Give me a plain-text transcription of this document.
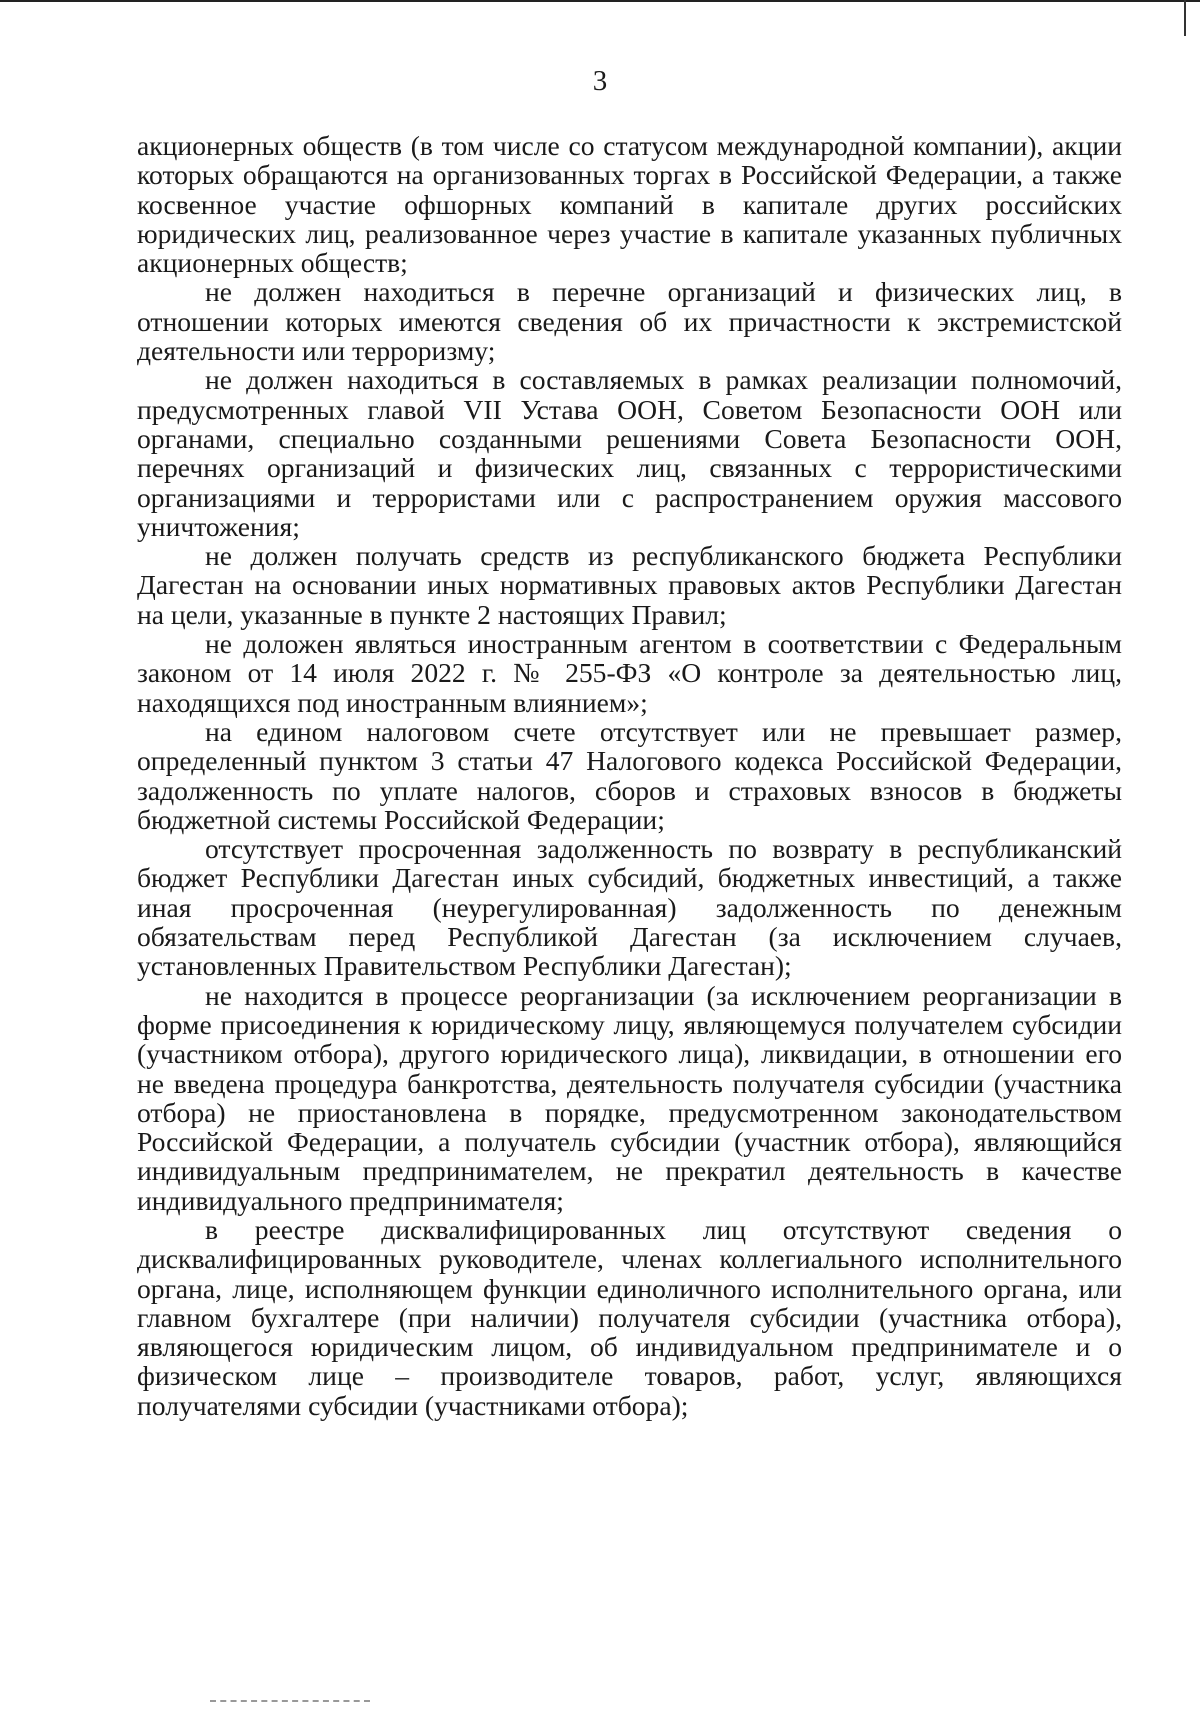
3

акционерных обществ (в том числе со статусом международной компании), акции которых обращаются на организованных торгах в Российской Федерации, а также косвенное участие офшорных компаний в капитале других российских юридических лиц, реализованное через участие в капитале указанных публичных акционерных обществ;

не должен находиться в перечне организаций и физических лиц, в отношении которых имеются сведения об их причастности к экстремистской деятельности или терроризму;

не должен находиться в составляемых в рамках реализации полномочий, предусмотренных главой VII Устава ООН, Советом Безопасности ООН или органами, специально созданными решениями Совета Безопасности ООН, перечнях организаций и физических лиц, связанных с террористическими организациями и террористами или с распространением оружия массового уничтожения;

не должен получать средств из республиканского бюджета Республики Дагестан на основании иных нормативных правовых актов Республики Дагестан на цели, указанные в пункте 2 настоящих Правил;

не доложен являться иностранным агентом в соответствии с Федеральным законом от 14 июля 2022 г. № 255-ФЗ «О контроле за деятельностью лиц, находящихся под иностранным влиянием»;

на едином налоговом счете отсутствует или не превышает размер, определенный пунктом 3 статьи 47 Налогового кодекса Российской Федерации, задолженность по уплате налогов, сборов и страховых взносов в бюджеты бюджетной системы Российской Федерации;

отсутствует просроченная задолженность по возврату в республиканский бюджет Республики Дагестан иных субсидий, бюджетных инвестиций, а также иная просроченная (неурегулированная) задолженность по денежным обязательствам перед Республикой Дагестан (за исключением случаев, установленных Правительством Республики Дагестан);

не находится в процессе реорганизации (за исключением реорганизации в форме присоединения к юридическому лицу, являющемуся получателем субсидии (участником отбора), другого юридического лица), ликвидации, в отношении его не введена процедура банкротства, деятельность получателя субсидии (участника отбора) не приостановлена в порядке, предусмотренном законодательством Российской Федерации, а получатель субсидии (участник отбора), являющийся индивидуальным предпринимателем, не прекратил деятельность в качестве индивидуального предпринимателя;

в реестре дисквалифицированных лиц отсутствуют сведения о дисквалифицированных руководителе, членах коллегиального исполнительного органа, лице, исполняющем функции единоличного исполнительного органа, или главном бухгалтере (при наличии) получателя субсидии (участника отбора), являющегося юридическим лицом, об индивидуальном предпринимателе и о физическом лице – производителе товаров, работ, услуг, являющихся получателями субсидии (участниками отбора);
